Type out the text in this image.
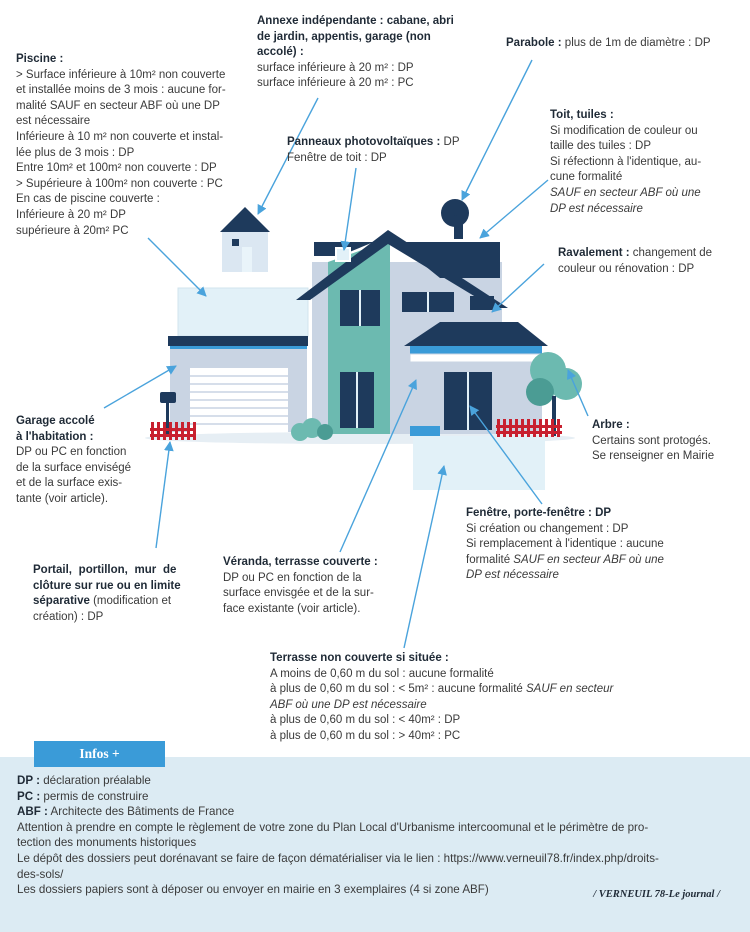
Annexe indépendante : cabane, abri
de jardin, appentis, garage (non
accolé) :
surface inférieure à 20 m² : DP
surface inférieure à 20 m² : PC
Parabole : plus de 1m de diamètre : DP
Piscine :
> Surface inférieure à 10m² non couverte
et installée moins de 3 mois : aucune for-
malité SAUF en secteur ABF où une DP
est nécessaire
Inférieure à 10 m² non couverte et instal-
lée plus de 3 mois : DP
Entre 10m² et 100m² non couverte : DP
> Supérieure à 100m² non couverte : PC
En cas de piscine couverte :
Inférieure à 20 m² DP
supérieure à 20m² PC
Toit, tuiles :
Si modification de couleur ou
taille des tuiles : DP
Si réfectionn à l'identique, au-
cune formalité
SAUF en secteur ABF où une
DP est nécessaire
Panneaux photovoltaïques : DP
Fenêtre de toit : DP
Ravalement : changement de
couleur ou rénovation : DP
Garage accolé
à l'habitation :
DP ou PC en fonction
de la surface enviségé
et de la surface exis-
tante (voir article).
Arbre :
Certains sont protogés.
Se renseigner en Mairie
Fenêtre, porte-fenêtre : DP
Si création ou changement : DP
Si remplacement à l'identique : aucune
formalité SAUF en secteur ABF où une
DP est nécessaire
Portail, portillon, mur de
clôture sur rue ou en limite
séparative (modification et
création) : DP
Véranda, terrasse couverte :
DP ou PC en fonction de la
surface envisgée et de la sur-
face existante (voir article).
Terrasse non couverte si située :
A moins de 0,60 m du sol : aucune formalité
à plus de 0,60 m du sol : < 5m² : aucune formalité SAUF en secteur
ABF où une DP est nécessaire
à plus de 0,60 m du sol : < 40m² : DP
à plus de 0,60 m du sol : > 40m² : PC
Infos +
DP : déclaration préalable
PC : permis de construire
ABF : Architecte des Bâtiments de France
Attention à prendre en compte le règlement de votre zone du Plan Local d'Urbanisme intercoomunal et le périmètre de pro-
tection des monuments historiques
Le dépôt des dossiers peut dorénavant se faire de façon dématérialiser via le lien : https://www.verneuil78.fr/index.php/droits-
des-sols/
Les dossiers papiers sont à déposer ou envoyer en mairie en 3 exemplaires (4 si zone ABF)	/ VERNEUIL 78-Le journal /
